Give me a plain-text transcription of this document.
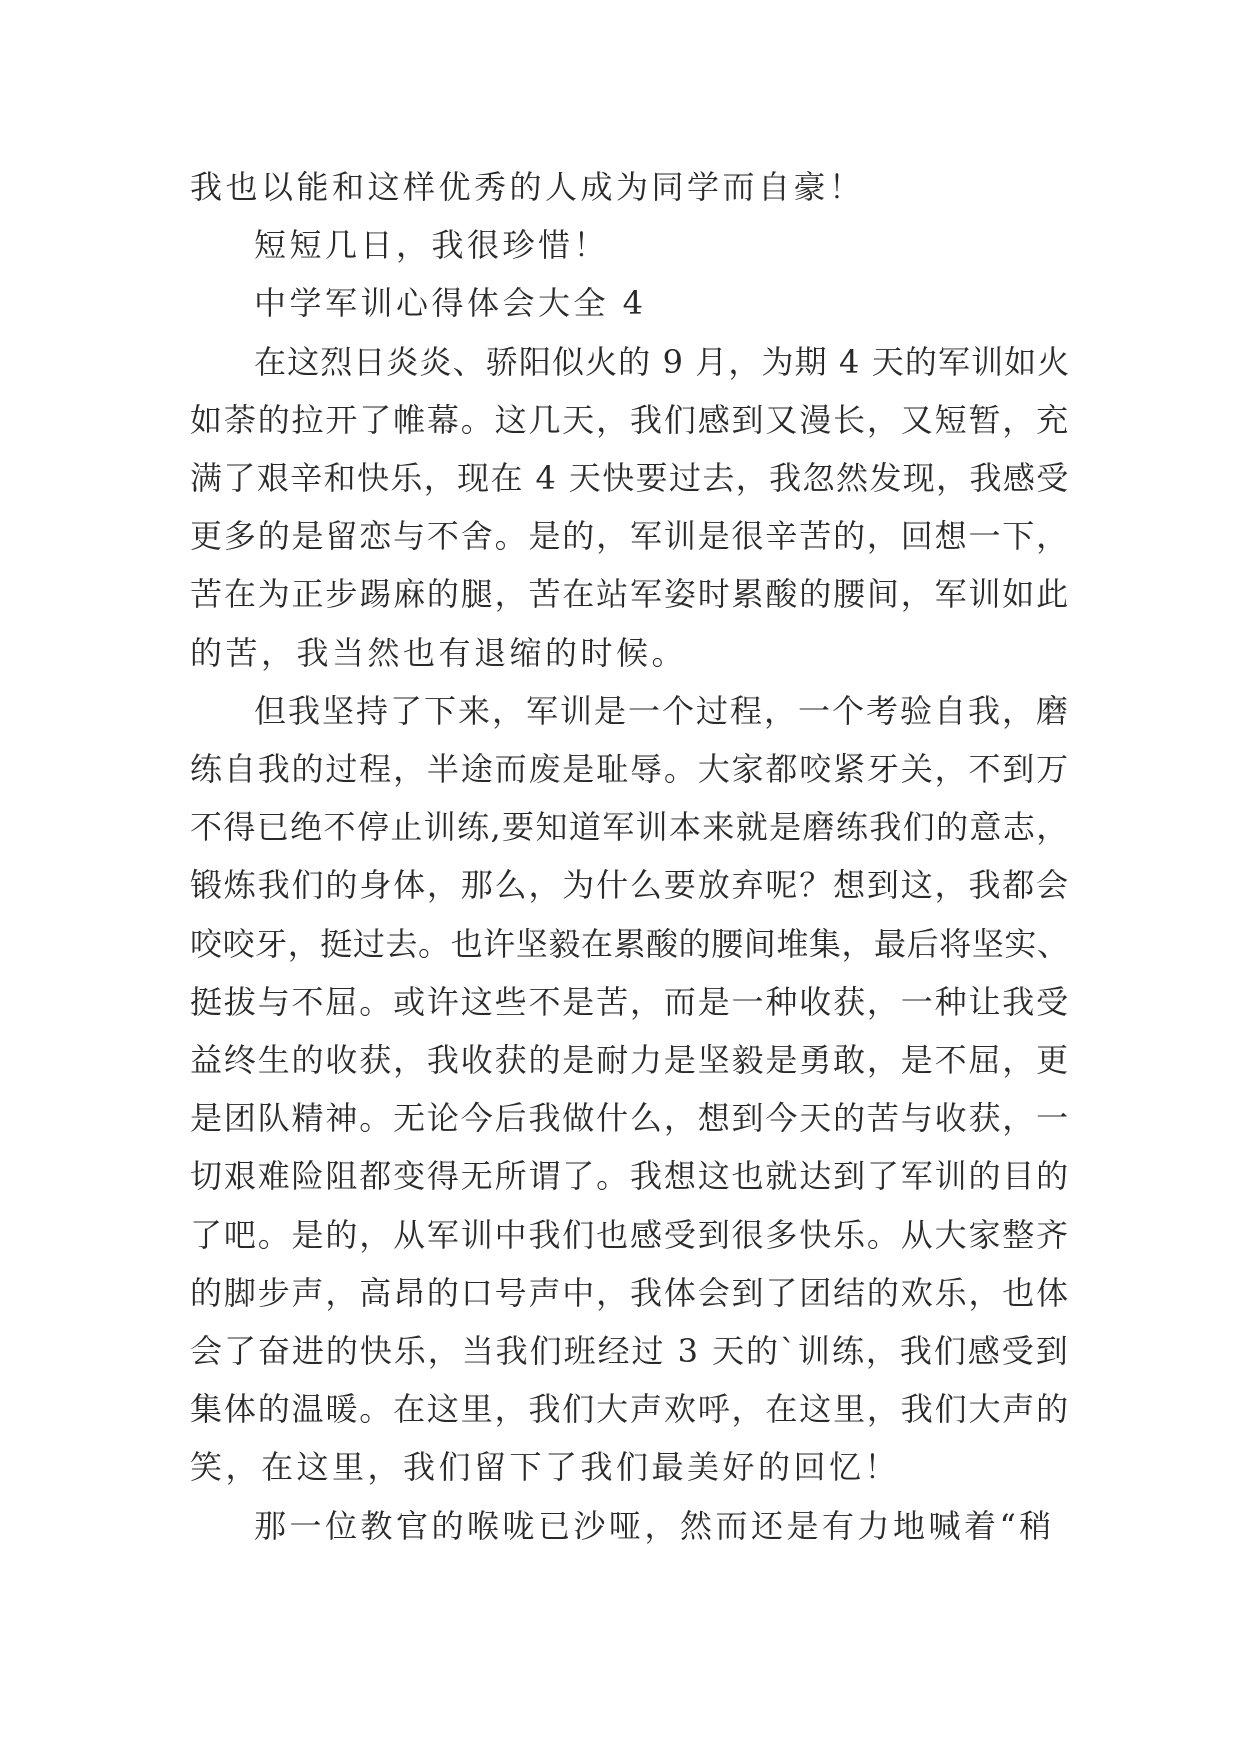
我也以能和这样优秀的人成为同学而自豪！
短短几日，我很珍惜！
中学军训心得体会大全 4
在这烈日炎炎、骄阳似火的 9 月，为期 4 天的军训如火
如荼的拉开了帷幕。这几天，我们感到又漫长，又短暂，充
满了艰辛和快乐，现在 4 天快要过去，我忽然发现，我感受
更多的是留恋与不舍。是的，军训是很辛苦的，回想一下，
苦在为正步踢麻的腿，苦在站军姿时累酸的腰间，军训如此
的苦，我当然也有退缩的时候。
但我坚持了下来，军训是一个过程，一个考验自我，磨
练自我的过程，半途而废是耻辱。大家都咬紧牙关，不到万
不得已绝不停止训练,要知道军训本来就是磨练我们的意志，
锻炼我们的身体，那么，为什么要放弃呢？想到这，我都会
咬咬牙，挺过去。也许坚毅在累酸的腰间堆集，最后将坚实、
挺拔与不屈。或许这些不是苦，而是一种收获，一种让我受
益终生的收获，我收获的是耐力是坚毅是勇敢，是不屈，更
是团队精神。无论今后我做什么，想到今天的苦与收获，一
切艰难险阻都变得无所谓了。我想这也就达到了军训的目的
了吧。是的，从军训中我们也感受到很多快乐。从大家整齐
的脚步声，高昂的口号声中，我体会到了团结的欢乐，也体
会了奋进的快乐，当我们班经过 3 天的`训练，我们感受到
集体的温暖。在这里，我们大声欢呼，在这里，我们大声的
笑，在这里，我们留下了我们最美好的回忆！
那一位教官的喉咙已沙哑，然而还是有力地喊着“稍
